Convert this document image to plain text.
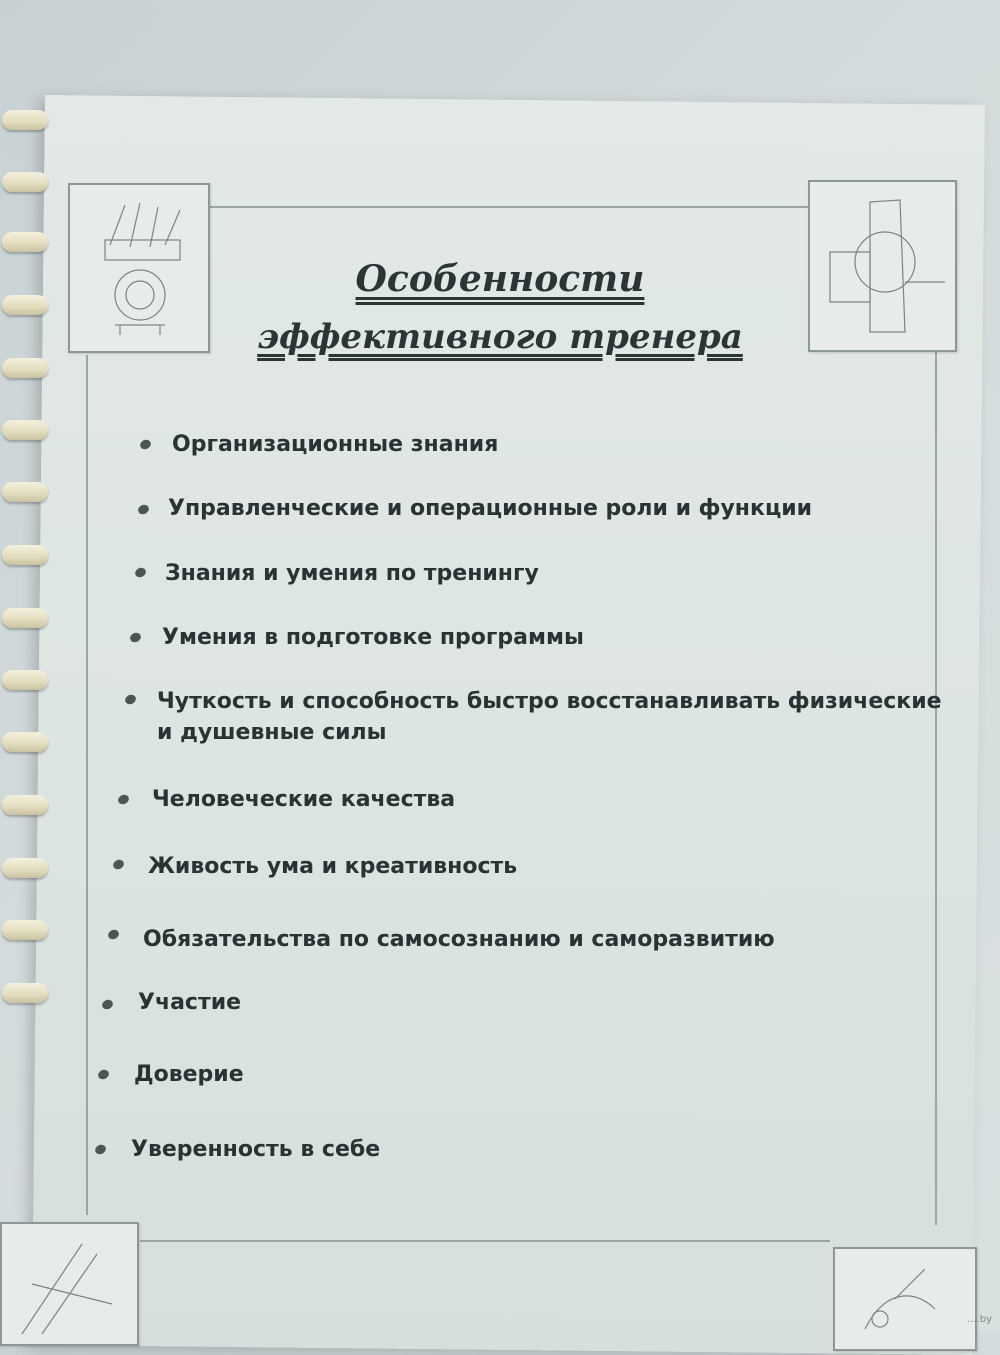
Особенности
эффективного тренера
Организационные знания
Управленческие и операционные роли и функции
Знания и умения по тренингу
Умения в подготовке программы
Чуткость и способность быстро восстанавливать физические
и душевные силы
Человеческие качества
Живость ума и креативность
Обязательства по самосознанию и саморазвитию
Участие
Доверие
Уверенность в себе
....by
